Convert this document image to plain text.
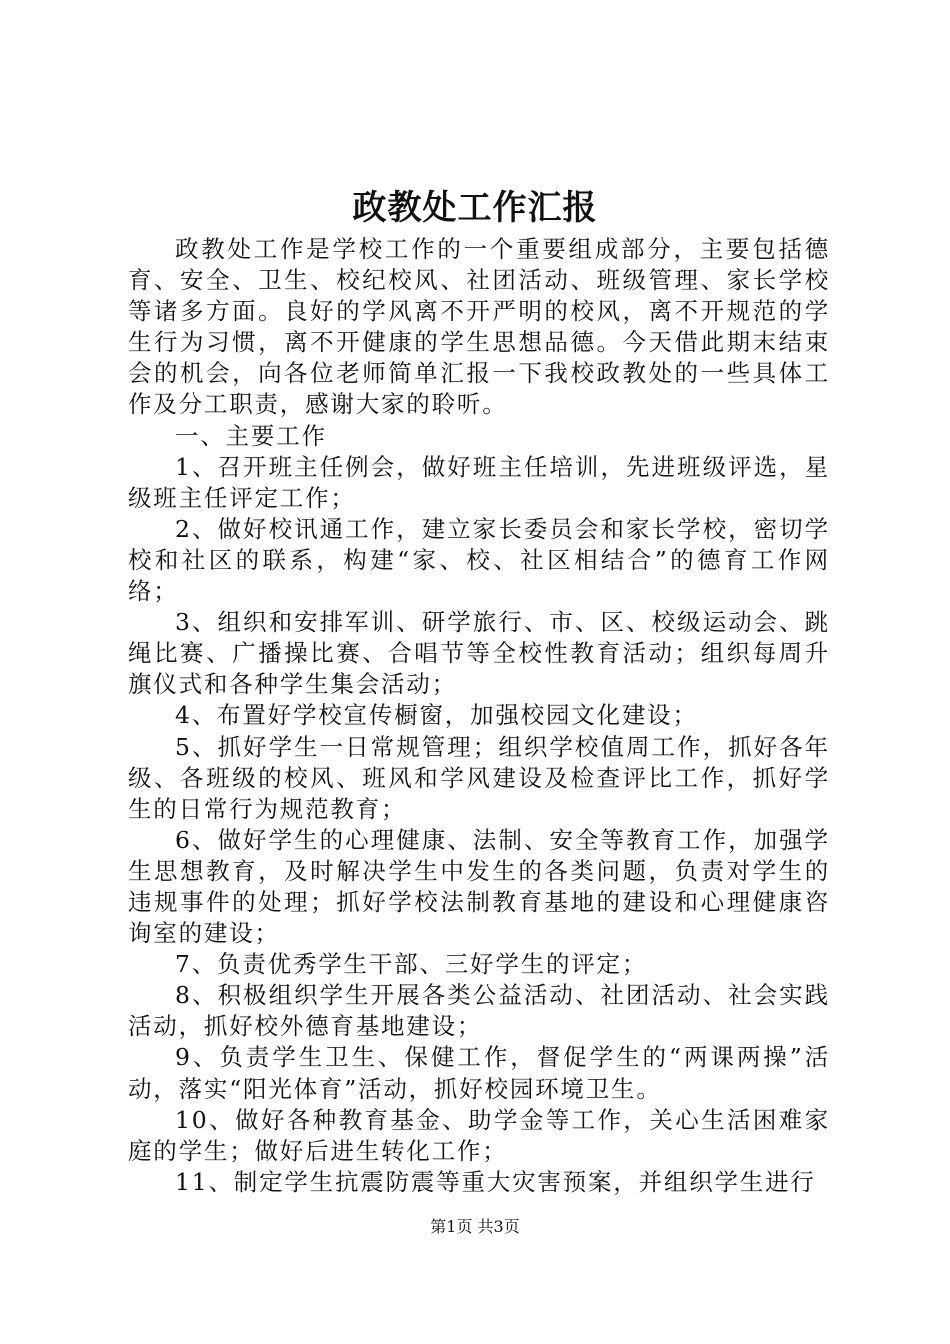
政教处工作汇报

政教处工作是学校工作的一个重要组成部分，主要包括德育、安全、卫生、校纪校风、社团活动、班级管理、家长学校等诸多方面。良好的学风离不开严明的校风，离不开规范的学生行为习惯，离不开健康的学生思想品德。今天借此期末结束会的机会，向各位老师简单汇报一下我校政教处的一些具体工作及分工职责，感谢大家的聆听。

一、主要工作

1、召开班主任例会，做好班主任培训，先进班级评选，星级班主任评定工作；

2、做好校讯通工作，建立家长委员会和家长学校，密切学校和社区的联系，构建“家、校、社区相结合”的德育工作网络；

3、组织和安排军训、研学旅行、市、区、校级运动会、跳绳比赛、广播操比赛、合唱节等全校性教育活动；组织每周升旗仪式和各种学生集会活动；

4、布置好学校宣传橱窗，加强校园文化建设；

5、抓好学生一日常规管理；组织学校值周工作，抓好各年级、各班级的校风、班风和学风建设及检查评比工作，抓好学生的日常行为规范教育；

6、做好学生的心理健康、法制、安全等教育工作，加强学生思想教育，及时解决学生中发生的各类问题，负责对学生的违规事件的处理；抓好学校法制教育基地的建设和心理健康咨询室的建设；

7、负责优秀学生干部、三好学生的评定；

8、积极组织学生开展各类公益活动、社团活动、社会实践活动，抓好校外德育基地建设；

9、负责学生卫生、保健工作，督促学生的“两课两操”活动，落实“阳光体育”活动，抓好校园环境卫生。

10、做好各种教育基金、助学金等工作，关心生活困难家庭的学生；做好后进生转化工作；

11、制定学生抗震防震等重大灾害预案，并组织学生进行

第1页 共3页
